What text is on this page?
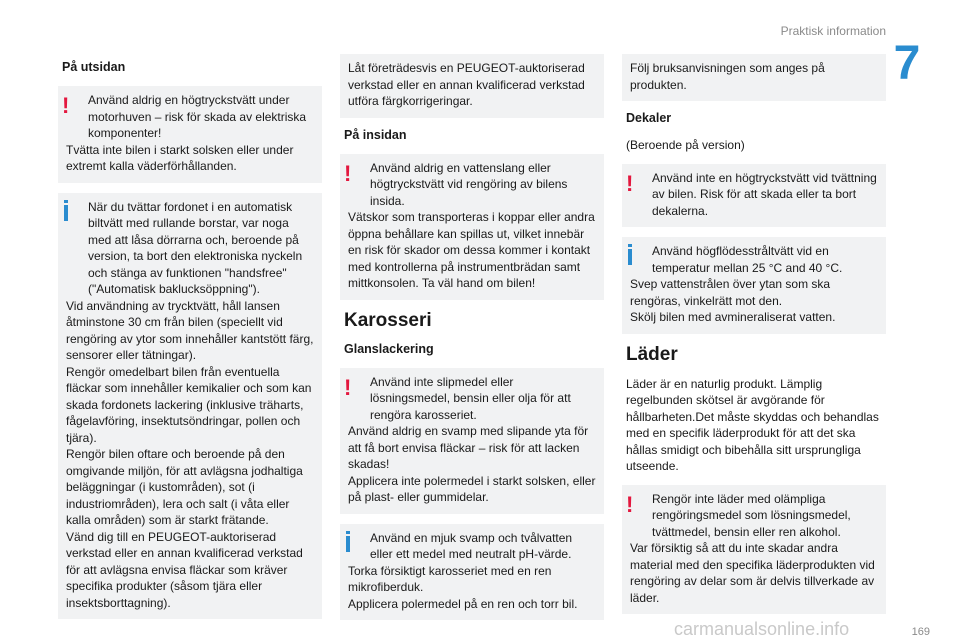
Praktisk information
7
På utsidan
!	Använd aldrig en högtryckstvätt under motorhuven – risk för skada av elektriska komponenter!
Tvätta inte bilen i starkt solsken eller under extremt kalla väderförhållanden.
När du tvättar fordonet i en automatisk biltvätt med rullande borstar, var noga med att låsa dörrarna och, beroende på version, ta bort den elektroniska nyckeln och stänga av funktionen "handsfree" ("Automatisk baklucksöppning").
Vid användning av trycktvätt, håll lansen åtminstone 30 cm från bilen (speciellt vid rengöring av ytor som innehåller kantstött färg, sensorer eller tätningar).
Rengör omedelbart bilen från eventuella fläckar som innehåller kemikalier och som kan skada fordonets lackering (inklusive träharts, fågelavföring, insektutsöndringar, pollen och tjära).
Rengör bilen oftare och beroende på den omgivande miljön, för att avlägsna jodhaltiga beläggningar (i kustområden), sot (i industriområden), lera och salt (i våta eller kalla områden) som är starkt frätande.
Vänd dig till en PEUGEOT-auktoriserad verkstad eller en annan kvalificerad verkstad för att avlägsna envisa fläckar som kräver specifika produkter (såsom tjära eller insektsborttagning).
Låt företrädesvis en PEUGEOT-auktoriserad verkstad eller en annan kvalificerad verkstad utföra färgkorrigeringar.
På insidan
!	Använd aldrig en vattenslang eller högtryckstvätt vid rengöring av bilens insida.
Vätskor som transporteras i koppar eller andra öppna behållare kan spillas ut, vilket innebär en risk för skador om dessa kommer i kontakt med kontrollerna på instrumentbrädan samt mittkonsolen. Ta väl hand om bilen!
Karosseri
Glanslackering
!	Använd inte slipmedel eller lösningsmedel, bensin eller olja för att rengöra karosseriet.
Använd aldrig en svamp med slipande yta för att få bort envisa fläckar – risk för att lacken skadas!
Applicera inte polermedel i starkt solsken, eller på plast- eller gummidelar.
Använd en mjuk svamp och tvålvatten eller ett medel med neutralt pH-värde.
Torka försiktigt karosseriet med en ren mikrofiberduk.
Applicera polermedel på en ren och torr bil.
Följ bruksanvisningen som anges på produkten.
Dekaler
(Beroende på version)
!	Använd inte en högtryckstvätt vid tvättning av bilen. Risk för att skada eller ta bort dekalerna.
Använd högflödesstråltvätt vid en temperatur mellan 25 °C and 40 °C.
Svep vattenstrålen över ytan som ska rengöras, vinkelrätt mot den.
Skölj bilen med avmineraliserat vatten.
Läder
Läder är en naturlig produkt. Lämplig regelbunden skötsel är avgörande för hållbarheten.Det måste skyddas och behandlas med en specifik läderprodukt för att det ska hållas smidigt och bibehålla sitt ursprungliga utseende.
!	Rengör inte läder med olämpliga rengöringsmedel som lösningsmedel, tvättmedel, bensin eller ren alkohol.
Var försiktig så att du inte skadar andra material med den specifika läderprodukten vid rengöring av delar som är delvis tillverkade av läder.
169
carmanualsonline.info
